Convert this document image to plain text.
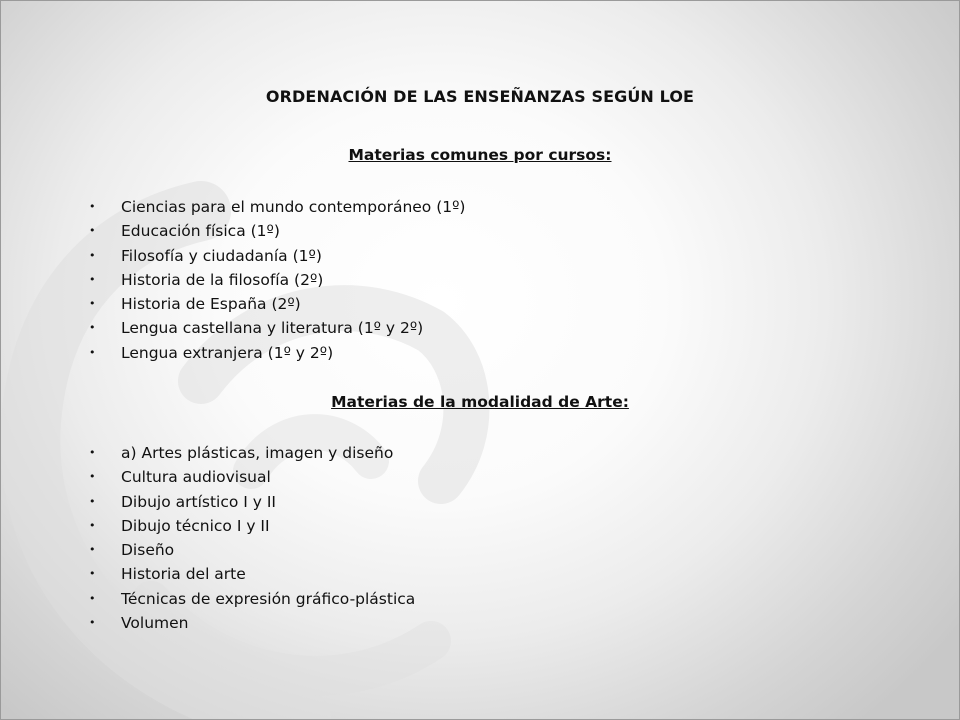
ORDENACIÓN DE LAS ENSEÑANZAS SEGÚN LOE
Materias comunes por cursos:
• Ciencias para el mundo contemporáneo (1º)
• Educación física (1º)
• Filosofía y ciudadanía (1º)
• Historia de la filosofía (2º)
• Historia de España (2º)
• Lengua castellana y literatura (1º y 2º)
• Lengua extranjera (1º y 2º)
Materias de la modalidad de Arte:
• a) Artes plásticas, imagen y diseño
• Cultura audiovisual
• Dibujo artístico I y II
• Dibujo técnico I y II
• Diseño
• Historia del arte
• Técnicas de expresión gráfico-plástica
• Volumen
